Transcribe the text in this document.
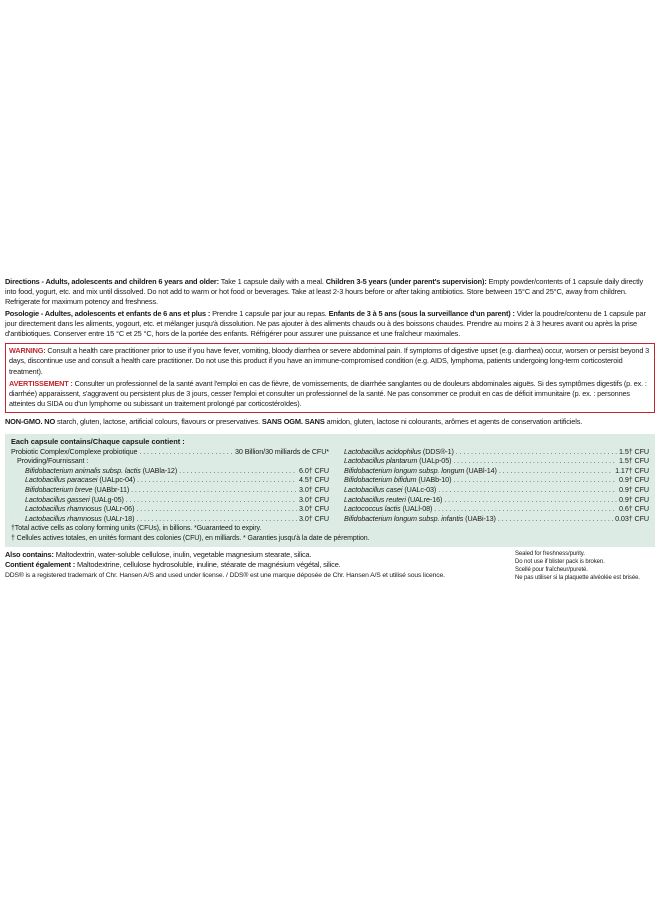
Directions - Adults, adolescents and children 6 years and older: Take 1 capsule daily with a meal. Children 3-5 years (under parent's supervision): Empty powder/contents of 1 capsule daily directly into food, yogurt, etc. and mix until dissolved. Do not add to warm or hot food or beverages. Take at least 2-3 hours before or after taking antibiotics. Store between 15°C and 25°C, away from children. Refrigerate for maximum potency and freshness.

Posologie - Adultes, adolescents et enfants de 6 ans et plus : Prendre 1 capsule par jour au repas. Enfants de 3 à 5 ans (sous la surveillance d'un parent) : Vider la poudre/contenu de 1 capsule par jour directement dans les aliments, yogourt, etc. et mélanger jusqu'à dissolution. Ne pas ajouter à des aliments chauds ou à des boissons chaudes. Prendre au moins 2 à 3 heures avant ou après la prise d'antibiotiques. Conserver entre 15 °C et 25 °C, hors de la portée des enfants. Réfrigérer pour assurer une puissance et une fraîcheur maximales.

WARNING: Consult a health care practitioner prior to use if you have fever, vomiting, bloody diarrhea or severe abdominal pain. If symptoms of digestive upset (e.g. diarrhea) occur, worsen or persist beyond 3 days, discontinue use and consult a health care practitioner. Do not use this product if you have an immune-compromised condition (e.g. AIDS, lymphoma, patients undergoing long-term corticosteroid treatment).

AVERTISSEMENT : Consulter un professionnel de la santé avant l'emploi en cas de fièvre, de vomissements, de diarrhée sanglantes ou de douleurs abdominales aiguës. Si des symptômes digestifs (p. ex. : diarrhée) apparaissent, s'aggravent ou persistent plus de 3 jours, cesser l'emploi et consulter un professionnel de la santé. Ne pas consommer ce produit en cas de déficit immunitaire (p. ex. : personnes atteintes du SIDA ou d'un lymphome ou subissant un traitement prolongé par corticostéroïdes).

NON-GMO. NO starch, gluten, lactose, artificial colours, flavours or preservatives. SANS OGM. SANS amidon, gluten, lactose ni colourants, arômes et agents de conservation artificiels.

Each capsule contains/Chaque capsule contient :

Probiotic Complex/Complexe probiotique . . .	30 Billion/30 milliards de CFU*
Providing/Fournissant :
Bifidobacterium animalis subsp. lactis (UABla-12) . . .	6.0† CFU
Lactobacillus paracasei (UALpc-04) . . .	4.5† CFU
Bifidobacterium breve (UABbr-11) . . .	3.0† CFU
Lactobacillus gasseri (UALg-05) . . .	3.0† CFU
Lactobacillus rhamnosus (UALr-06) . . .	3.0† CFU
Lactobacillus rhamnosus (UALr-18) . . .	3.0† CFU
Lactobacillus acidophilus (DDS®-1) . . .	1.5† CFU
Lactobacillus plantarum (UALp-05) . . .	1.5† CFU
Bifidobacterium longum subsp. longum (UABl-14) . . .	1.17† CFU
Bifidobacterium bifidum (UABb-10) . . .	0.9† CFU
Lactobacillus casei (UALc-03) . . .	0.9† CFU
Lactobacillus reuteri (UALre-16) . . .	0.9† CFU
Lactococcus lactis (UALl-08) . . .	0.6† CFU
Bifidobacterium longum subsp. infantis (UABi-13) . . .	0.03† CFU

†Total active cells as colony forming units (CFUs), in billions. *Guaranteed to expiry.

† Cellules actives totales, en unités formant des colonies (CFU), en milliards. * Garanties jusqu'à la date de péremption.

Also contains: Maltodextrin, water-soluble cellulose, inulin, vegetable magnesium stearate, silica.

Contient également : Maltodextrine, cellulose hydrosoluble, inuline, stéarate de magnésium végétal, silice.

DDS® is a registered trademark of Chr. Hansen A/S and used under license. / DDS® est une marque déposée de Chr. Hansen A/S et utilisé sous licence.

Sealed for freshness/purity.

Do not use if blister pack is broken.

Scellé pour fraîcheur/pureté.

Ne pas utiliser si la plaquette alvéolée est brisée.
